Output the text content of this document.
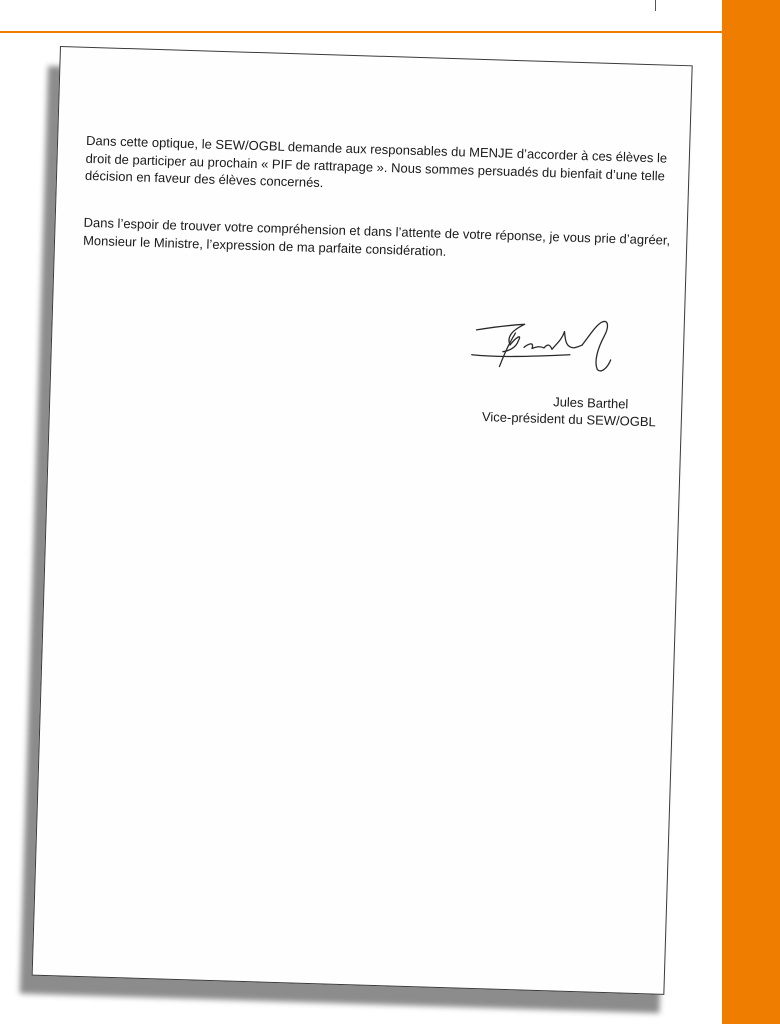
Dans cette optique, le SEW/OGBL demande aux responsables du MENJE d’accorder à ces élèves le droit de participer au prochain « PIF de rattrapage ». Nous sommes persuadés du bienfait d’une telle décision en faveur des élèves concernés.

Dans l’espoir de trouver votre compréhension et dans l’attente de votre réponse, je vous prie d’agréer, Monsieur le Ministre, l’expression de ma parfaite considération.

Jules Barthel
Vice-président du SEW/OGBL
